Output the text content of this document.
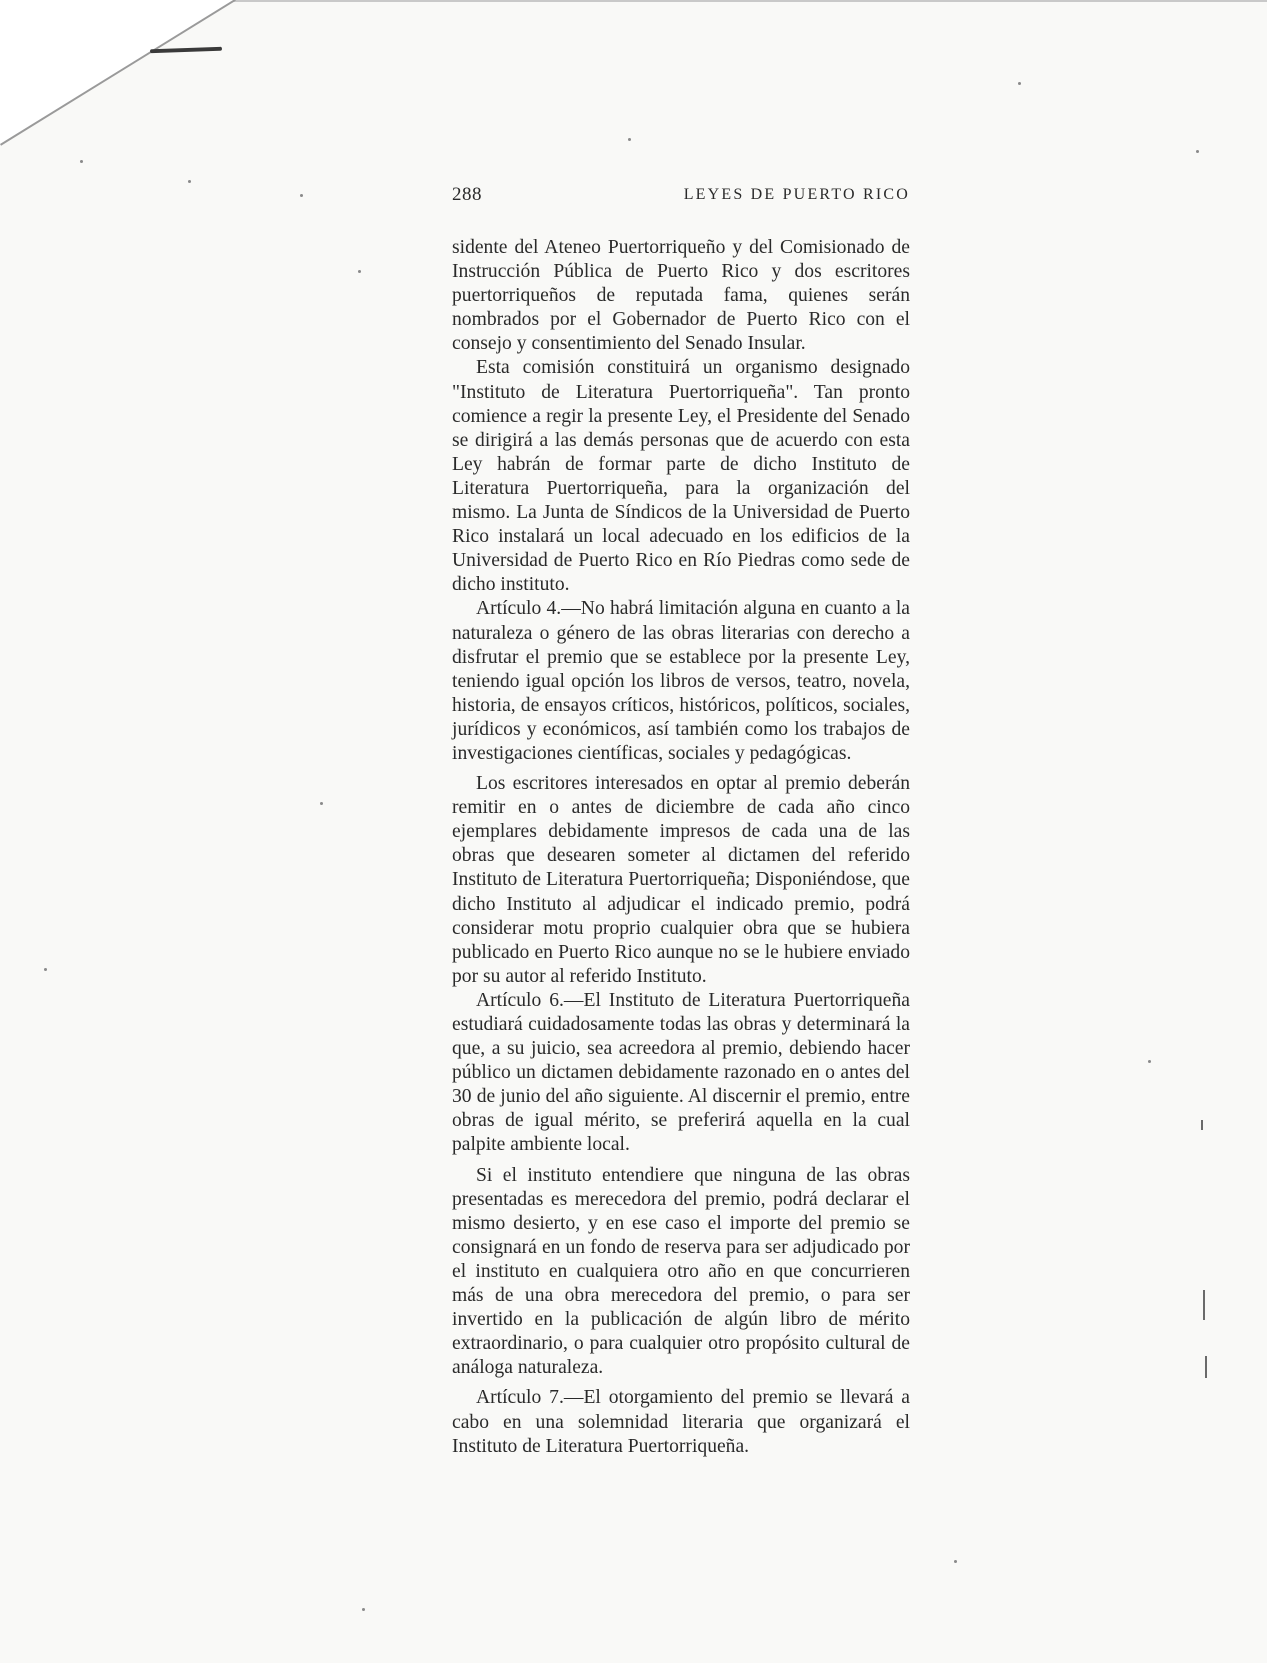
288	LEYES DE PUERTO RICO

sidente del Ateneo Puertorriqueño y del Comisionado de Instrucción Pública de Puerto Rico y dos escritores puertorriqueños de reputada fama, quienes serán nombrados por el Gobernador de Puerto Rico con el consejo y consentimiento del Senado Insular.

Esta comisión constituirá un organismo designado "Instituto de Literatura Puertorriqueña". Tan pronto comience a regir la presente Ley, el Presidente del Senado se dirigirá a las demás personas que de acuerdo con esta Ley habrán de formar parte de dicho Instituto de Literatura Puertorriqueña, para la organización del mismo. La Junta de Síndicos de la Universidad de Puerto Rico instalará un local adecuado en los edificios de la Universidad de Puerto Rico en Río Piedras como sede de dicho instituto.

Artículo 4.—No habrá limitación alguna en cuanto a la naturaleza o género de las obras literarias con derecho a disfrutar el premio que se establece por la presente Ley, teniendo igual opción los libros de versos, teatro, novela, historia, de ensayos críticos, históricos, políticos, sociales, jurídicos y económicos, así también como los trabajos de investigaciones científicas, sociales y pedagógicas.

Los escritores interesados en optar al premio deberán remitir en o antes de diciembre de cada año cinco ejemplares debidamente impresos de cada una de las obras que desearen someter al dictamen del referido Instituto de Literatura Puertorriqueña; Disponiéndose, que dicho Instituto al adjudicar el indicado premio, podrá considerar motu proprio cualquier obra que se hubiera publicado en Puerto Rico aunque no se le hubiere enviado por su autor al referido Instituto.

Artículo 6.—El Instituto de Literatura Puertorriqueña estudiará cuidadosamente todas las obras y determinará la que, a su juicio, sea acreedora al premio, debiendo hacer público un dictamen debidamente razonado en o antes del 30 de junio del año siguiente. Al discernir el premio, entre obras de igual mérito, se preferirá aquella en la cual palpite ambiente local.

Si el instituto entendiere que ninguna de las obras presentadas es merecedora del premio, podrá declarar el mismo desierto, y en ese caso el importe del premio se consignará en un fondo de reserva para ser adjudicado por el instituto en cualquiera otro año en que concurrieren más de una obra merecedora del premio, o para ser invertido en la publicación de algún libro de mérito extraordinario, o para cualquier otro propósito cultural de análoga naturaleza.

Artículo 7.—El otorgamiento del premio se llevará a cabo en una solemnidad literaria que organizará el Instituto de Literatura Puertorriqueña.
